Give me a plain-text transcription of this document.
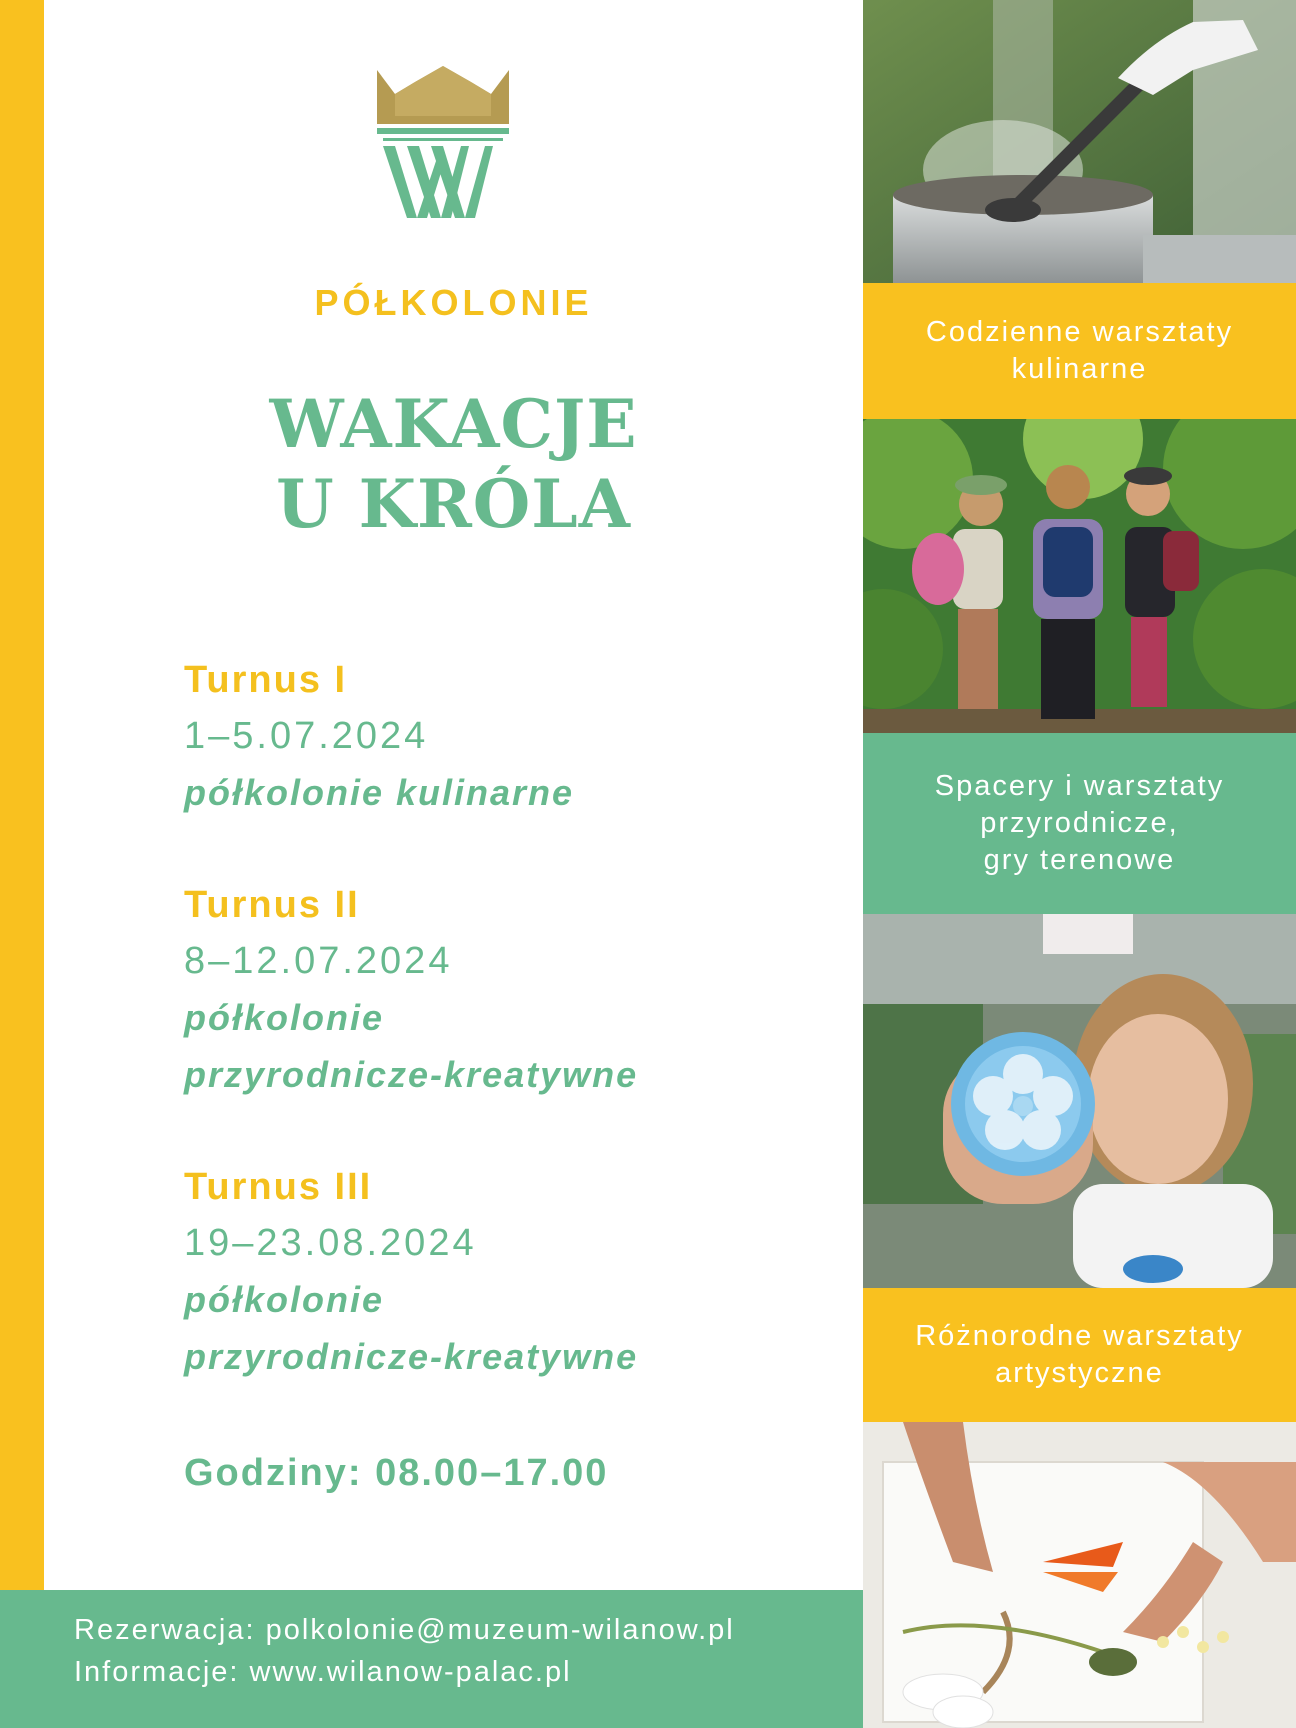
PÓŁKOLONIE
WAKACJE
U KRÓLA
Turnus I
1–5.07.2024
półkolonie kulinarne
Turnus II
8–12.07.2024
półkolonie
przyrodnicze-kreatywne
Turnus III
19–23.08.2024
półkolonie
przyrodnicze-kreatywne
Godziny: 08.00–17.00
Rezerwacja: polkolonie@muzeum-wilanow.pl
Informacje: www.wilanow-palac.pl
Codzienne warsztaty
kulinarne
Spacery i warsztaty
przyrodnicze,
gry terenowe
Różnorodne warsztaty
artystyczne
